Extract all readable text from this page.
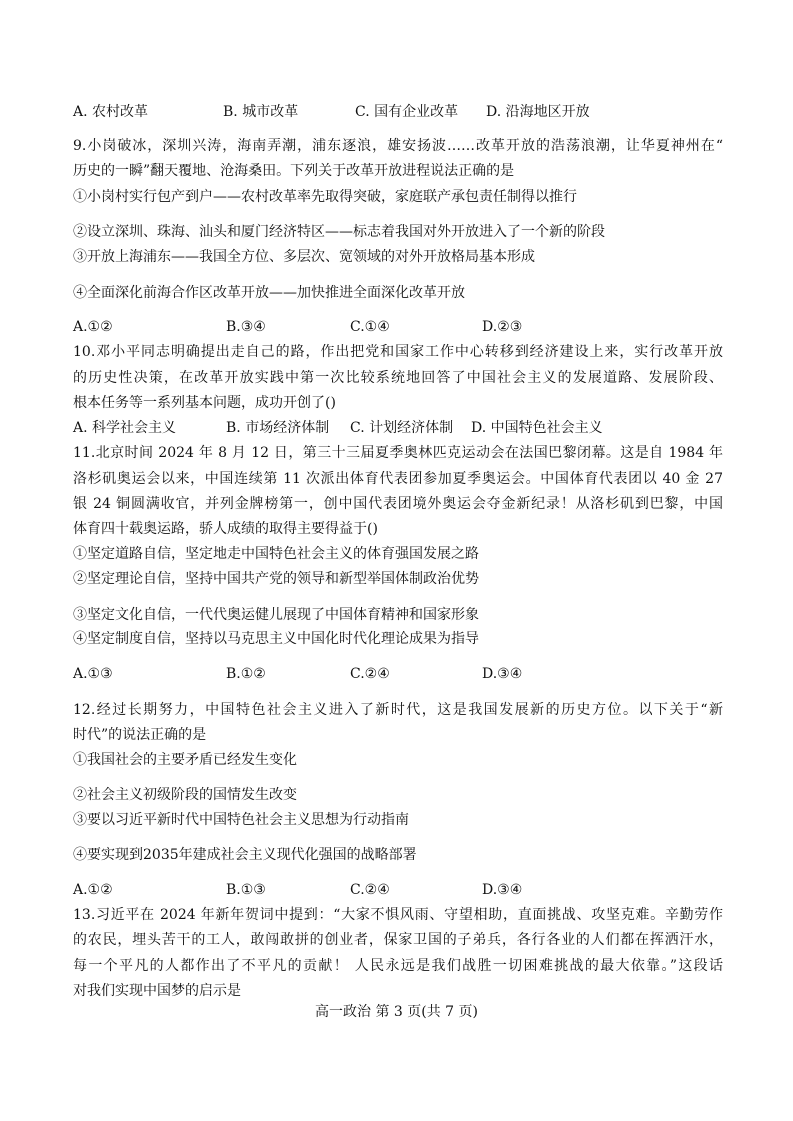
A. 农村改革	B. 城市改革	C. 国有企业改革 D. 沿海地区开放
9.小岗破冰，深圳兴涛，海南弄潮，浦东逐浪，雄安扬波……改革开放的浩荡浪潮，让华夏神州在“
历史的一瞬”翻天覆地、沧海桑田。下列关于改革开放进程说法正确的是
①小岗村实行包产到户——农村改革率先取得突破，家庭联产承包责任制得以推行
②设立深圳、珠海、汕头和厦门经济特区——标志着我国对外开放进入了一个新的阶段
③开放上海浦东——我国全方位、多层次、宽领域的对外开放格局基本形成
④全面深化前海合作区改革开放——加快推进全面深化改革开放
A.①②	B.③④	C.①④	D.②③
10.邓小平同志明确提出走自己的路，作出把党和国家工作中心转移到经济建设上来，实行改革开放
的历史性决策，在改革开放实践中第一次比较系统地回答了中国社会主义的发展道路、发展阶段、
根本任务等一系列基本问题，成功开创了()
A. 科学社会主义	B. 市场经济体制 C. 计划经济体制 D. 中国特色社会主义
11.北京时间 2024 年 8 月 12 日，第三十三届夏季奥林匹克运动会在法国巴黎闭幕。这是自 1984 年
洛杉矶奥运会以来，中国连续第 11 次派出体育代表团参加夏季奥运会。中国体育代表团以 40 金 27
银 24 铜圆满收官，并列金牌榜第一，创中国代表团境外奥运会夺金新纪录！从洛杉矶到巴黎，中国
体育四十载奥运路，骄人成绩的取得主要得益于()
①坚定道路自信，坚定地走中国特色社会主义的体育强国发展之路
②坚定理论自信，坚持中国共产党的领导和新型举国体制政治优势
③坚定文化自信，一代代奥运健儿展现了中国体育精神和国家形象
④坚定制度自信，坚持以马克思主义中国化时代化理论成果为指导
A.①③	B.①②	C.②④	D.③④
12.经过长期努力，中国特色社会主义进入了新时代，这是我国发展新的历史方位。以下关于“新
时代”的说法正确的是
①我国社会的主要矛盾已经发生变化
②社会主义初级阶段的国情发生改变
③要以习近平新时代中国特色社会主义思想为行动指南
④要实现到2035年建成社会主义现代化强国的战略部署
A.①②	B.①③	C.②④	D.③④
13.习近平在 2024 年新年贺词中提到：“大家不惧风雨、守望相助，直面挑战、攻坚克难。辛勤劳作
的农民，埋头苦干的工人，敢闯敢拼的创业者，保家卫国的子弟兵，各行各业的人们都在挥洒汗水，
每一个平凡的人都作出了不平凡的贡献！ 人民永远是我们战胜一切困难挑战的最大依靠。”这段话
对我们实现中国梦的启示是
高一政治 第 3 页(共 7 页)
